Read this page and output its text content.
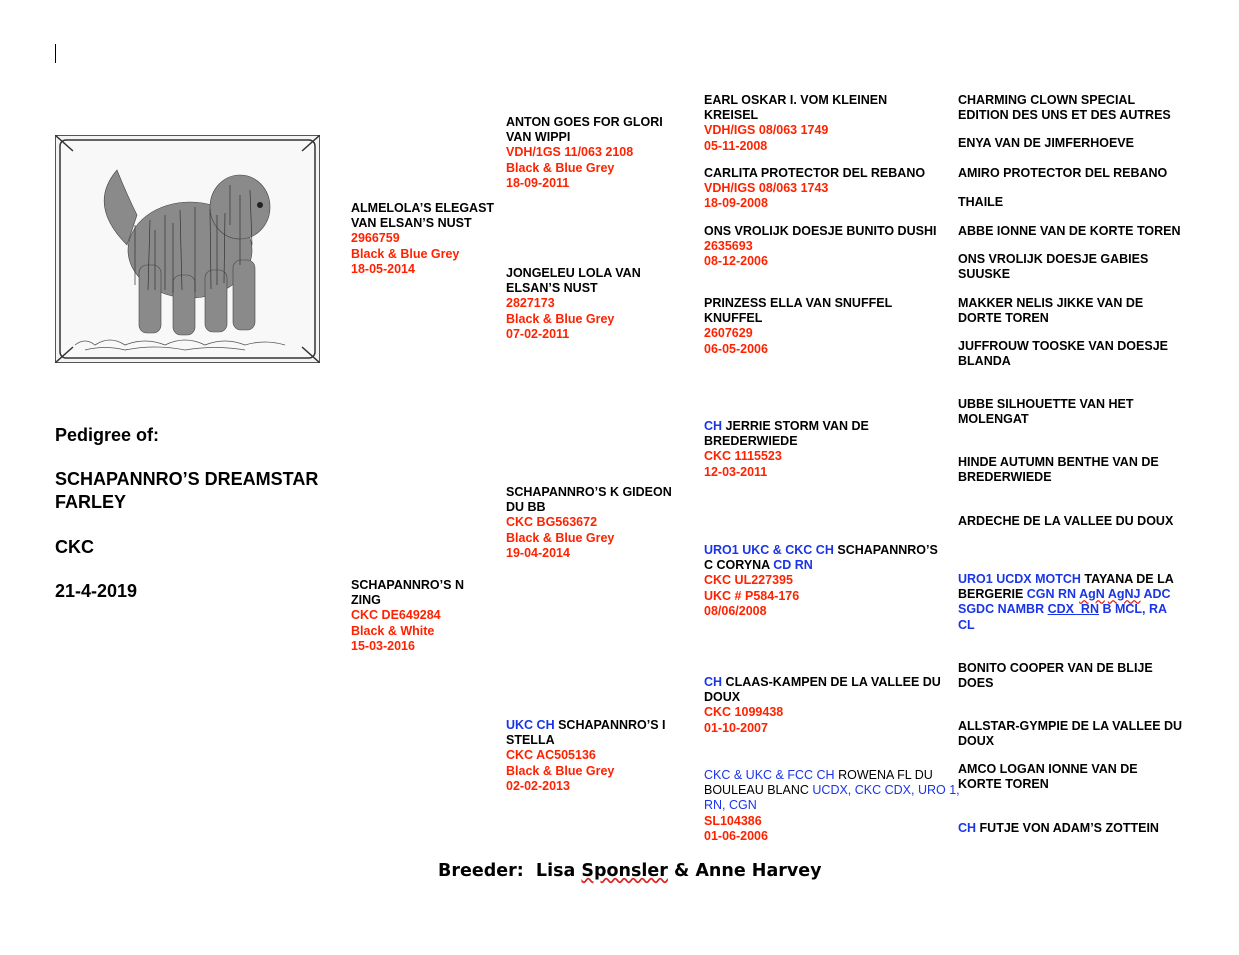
Pedigree of:
SCHAPANNRO’S DREAMSTAR
FARLEY
CKC
21-4-2019
ALMELOLA’S ELEGAST
VAN ELSAN’S NUST
2966759
Black & Blue Grey
18-05-2014
SCHAPANNRO’S N
ZING
CKC DE649284
Black & White
15-03-2016
ANTON GOES FOR GLORI
VAN WIPPI
VDH/1GS 11/063 2108
Black & Blue Grey
18-09-2011
JONGELEU LOLA VAN
ELSAN’S NUST
2827173
Black & Blue Grey
07-02-2011
SCHAPANNRO’S K GIDEON
DU BB
CKC BG563672
Black & Blue Grey
19-04-2014
UKC CH SCHAPANNRO’S I
STELLA
CKC AC505136
Black & Blue Grey
02-02-2013
EARL OSKAR I. VOM KLEINEN
KREISEL
VDH/IGS 08/063 1749
05-11-2008
CARLITA PROTECTOR DEL REBANO
VDH/IGS 08/063 1743
18-09-2008
ONS VROLIJK DOESJE BUNITO DUSHI
2635693
08-12-2006
PRINZESS ELLA VAN SNUFFEL
KNUFFEL
2607629
06-05-2006
CH JERRIE STORM VAN DE
BREDERWIEDE
CKC 1115523
12-03-2011
URO1 UKC & CKC CH SCHAPANNRO’S
C CORYNA CD RN
CKC UL227395
UKC # P584-176
08/06/2008
CH CLAAS-KAMPEN DE LA VALLEE DU
DOUX
CKC 1099438
01-10-2007
CKC & UKC & FCC CH ROWENA FL DU
BOULEAU BLANC UCDX, CKC CDX, URO 1,
RN, CGN
SL104386
01-06-2006
CHARMING CLOWN SPECIAL
EDITION DES UNS ET DES AUTRES
ENYA VAN DE JIMFERHOEVE
AMIRO PROTECTOR DEL REBANO
THAILE
ABBE IONNE VAN DE KORTE TOREN
ONS VROLIJK DOESJE GABIES
SUUSKE
MAKKER NELIS JIKKE VAN DE
DORTE TOREN
JUFFROUW TOOSKE VAN DOESJE
BLANDA
UBBE SILHOUETTE VAN HET
MOLENGAT
HINDE AUTUMN BENTHE VAN DE
BREDERWIEDE
ARDECHE DE LA VALLEE DU DOUX
URO1 UCDX MOTCH TAYANA DE LA
BERGERIE CGN RN AgN AgNJ ADC
SGDC NAMBR CDX  RN B MCL, RA
CL
BONITO COOPER VAN DE BLIJE
DOES
ALLSTAR-GYMPIE DE LA VALLEE DU
DOUX
AMCO LOGAN IONNE VAN DE
KORTE TOREN
CH FUTJE VON ADAM’S ZOTTEIN
Breeder: Lisa Sponsler & Anne Harvey
